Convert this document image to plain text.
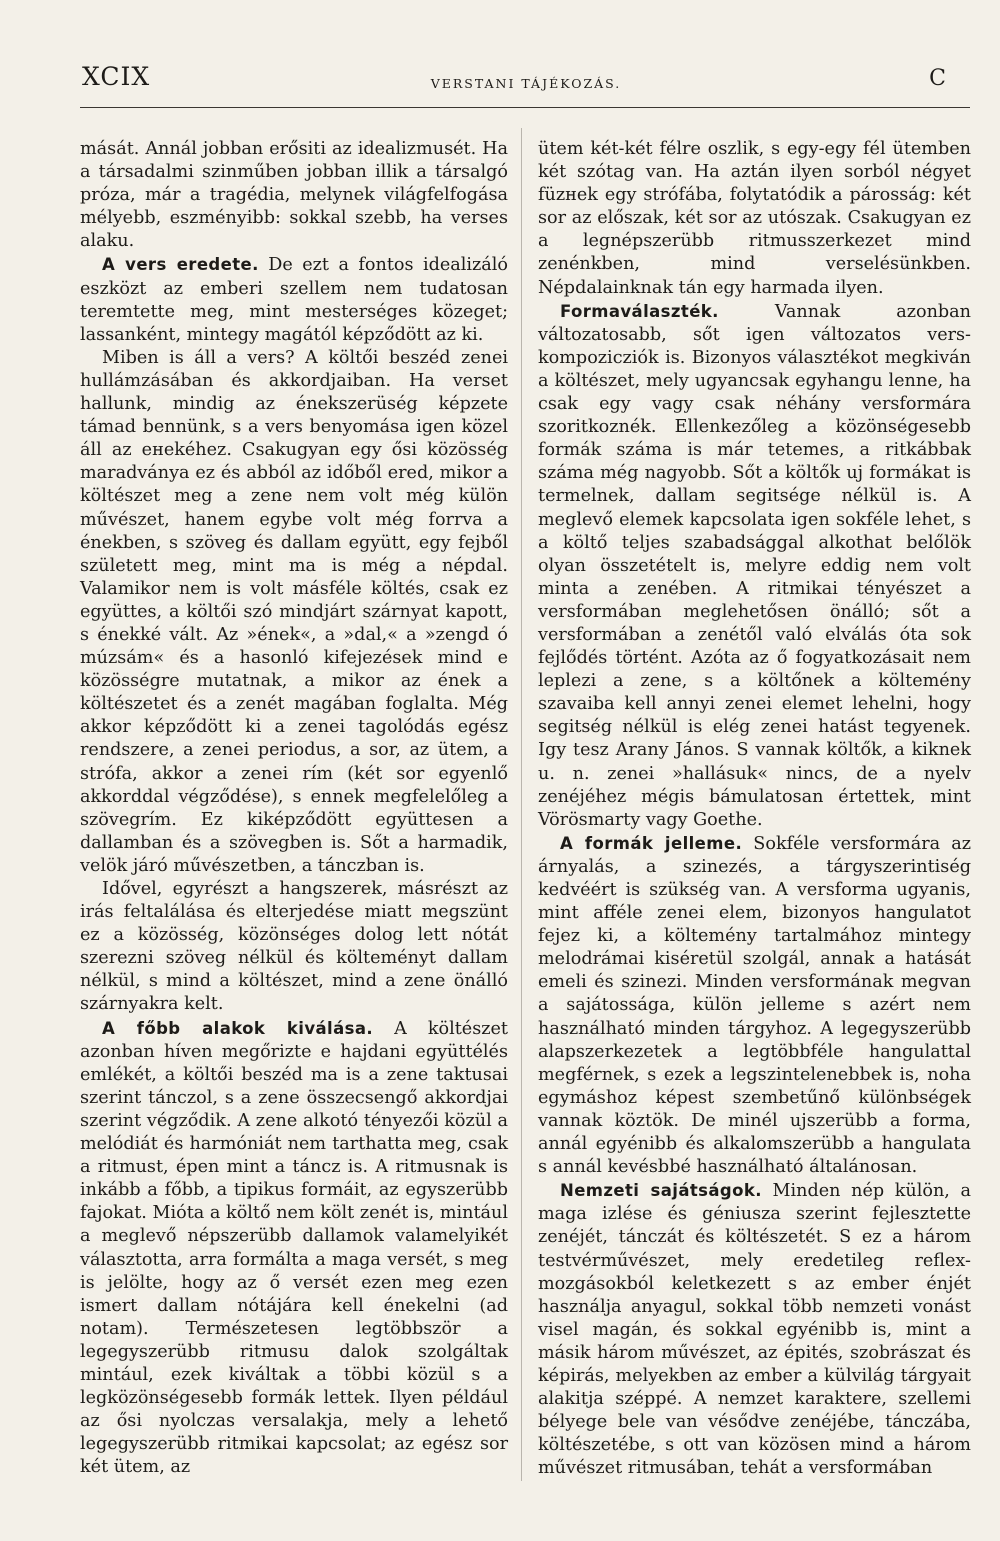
XCIX	VERSTANI TÁJÉKOZÁS.	C

mását. Annál jobban erősiti az idealizmusét. Ha a társadalmi szinműben jobban illik a társalgó próza, már a tragédia, melynek világfelfogása mélyebb, eszményibb: sokkal szebb, ha verses alaku.

A vers eredete. De ezt a fontos idealizáló eszközt az emberi szellem nem tudatosan teremtette meg, mint mesterséges közeget; lassanként, mintegy magától képződött az ki.

Miben is áll a vers? A költői beszéd zenei hullámzásában és akkordjaiban. Ha verset hallunk, mindig az énekszerüség képzete támad bennünk, s a vers benyomása igen közel áll az енekéhez. Csakugyan egy ősi közösség maradványa ez és abból az időből ered, mikor a költészet meg a zene nem volt még külön művészet, hanem egybe volt még forrva a énekben, s szöveg és dallam együtt, egy fejből született meg, mint ma is még a népdal. Valamikor nem is volt másféle költés, csak ez együttes, a költői szó mindjárt szárnyat kapott, s énekké vált. Az »ének«, a »dal,« a »zengd ó múzsám« és a hasonló kifejezések mind e közösségre mutatnak, a mikor az ének a költészetet és a zenét magában foglalta. Még akkor képződött ki a zenei tagolódás egész rendszere, a zenei periodus, a sor, az ütem, a strófa, akkor a zenei rím (két sor egyenlő akkorddal végződése), s ennek megfelelőleg a szövegrím. Ez kiképződött együttesen a dallamban és a szövegben is. Sőt a harmadik, velök járó művészetben, a tánczban is.

Idővel, egyrészt a hangszerek, másrészt az irás feltalálása és elterjedése miatt megszünt ez a közösség, közönséges dolog lett nótát szerezni szöveg nélkül és költeményt dallam nélkül, s mind a költészet, mind a zene önálló szárnyakra kelt.

A főbb alakok kiválása. A költészet azonban híven megőrizte e hajdani együttélés emlékét, a költői beszéd ma is a zene taktusai szerint tánczol, s a zene összecsengő akkordjai szerint végződik. A zene alkotó tényezői közül a melódiát és harmóniát nem tarthatta meg, csak a ritmust, épen mint a tánсz is. A ritmusnak is inkább a főbb, a tipikus formáit, az egyszerübb fajokat. Mióta a költő nem költ zenét is, mintául a meglevő népszerübb dallamok valamelyikét választotta, arra formálta a maga versét, s meg is jelölte, hogy az ő versét ezen meg ezen ismert dallam nótájára kell énekelni (ad notam). Természetesen legtöbbször a legegyszerübb ritmusu dalok szolgáltak mintául, ezek kiváltak a többi közül s a legközönségesebb formák lettek. Ilyen például az ősi nyolczas versalakja, mely a lehető legegyszerübb ritmikai kapcsolat; az egész sor két ütem, az

ütem két-két félre oszlik, s egy-egy fél ütemben két szótag van. Ha aztán ilyen sorból négyet füzнek egy strófába, folytatódik a párosság: két sor az előszak, két sor az utószak. Csakugyan ez a legnépszerübb ritmusszerkezet mind zenénkben, mind verselésünkben. Népdalainknak tán egy harmada ilyen.

Formaválaszték.	Vannak azonban változatosabb, sőt igen változatos vers-kompoziczіók is. Bizonyos választékot megkiván a költészet, mely ugyancsak egyhangu lenne, ha csak egy vagy csak néhány versformára szoritkoznék. Ellenkezőleg a közönségesebb formák száma is már tetemes, a ritkábbak száma még nagyobb. Sőt a költők uj formákat is termelnek, dallam segitsége nélkül is. A meglevő elemek kapcsolata igen sokféle lehet, s a költő teljes szabadsággal alkothat belőlök olyan összetételt is, melyre eddig nem volt minta a zenében. A ritmikai tényészet a versformában meglehetősen önálló; sőt a versformában a zenétől való elválás óta sok fejlődés történt. Azóta az ő fogyatkozásait nem leplezi a zene, s a költőnek a költemény szavaiba kell annyi zenei elemet lehelni, hogy segitség nélkül is elég zenei hatást tegyenek. Igy tesz Arany János. S vannak költők, a kiknek u. n. zenei »hallásuk« nincs, de a nyelv zenéjéhez mégis bámulatosan értettek, mint Vörösmarty vagy Goethe.

A formák jelleme. Sokféle versformára az árnyalás, a szinezés, a tárgyszerintiség kedvéért is szükség van. A versforma ugyanis, mint afféle zenei elem, bizonyos hangulatot fejez ki, a költemény tartalmához mintegy melodrámai kiséretül szolgál, annak a hatását emeli és szinezi. Minden versformának megvan a sajátossága, külön jelleme s azért nem használható minden tárgyhoz. A legegyszerübb alapszerkezetek a legtöbbféle hangulattal megférnek, s ezek a legszintelenebbek is, noha egymáshoz képest szembetűnő különbségek vannak köztök. De minél ujszerübb a forma, annál egyénibb és alkalomszerübb a hangulata s annál kevésbbé használható általánosan.

Nemzeti sajátságok. Minden nép külön, a maga izlése és géniusza szerint fejlesztette zenéjét, tánczát és költészetét. S ez a három testvérművészet, mely eredetileg reflex-mozgásokból keletkezett s az ember énjét használja anyagul, sokkal több nemzeti vonást visel magán, és sokkal egyénibb is, mint a másik három művészet, az épités, szobrászat és képirás, melyekben az ember a külvilág tárgyait alakitja széppé. A nemzet karaktere, szellemi bélyege bele van vésődve zenéjébe, tánczába, költészetébe, s ott van közösen mind a három művészet ritmusában, tehát a versformában
